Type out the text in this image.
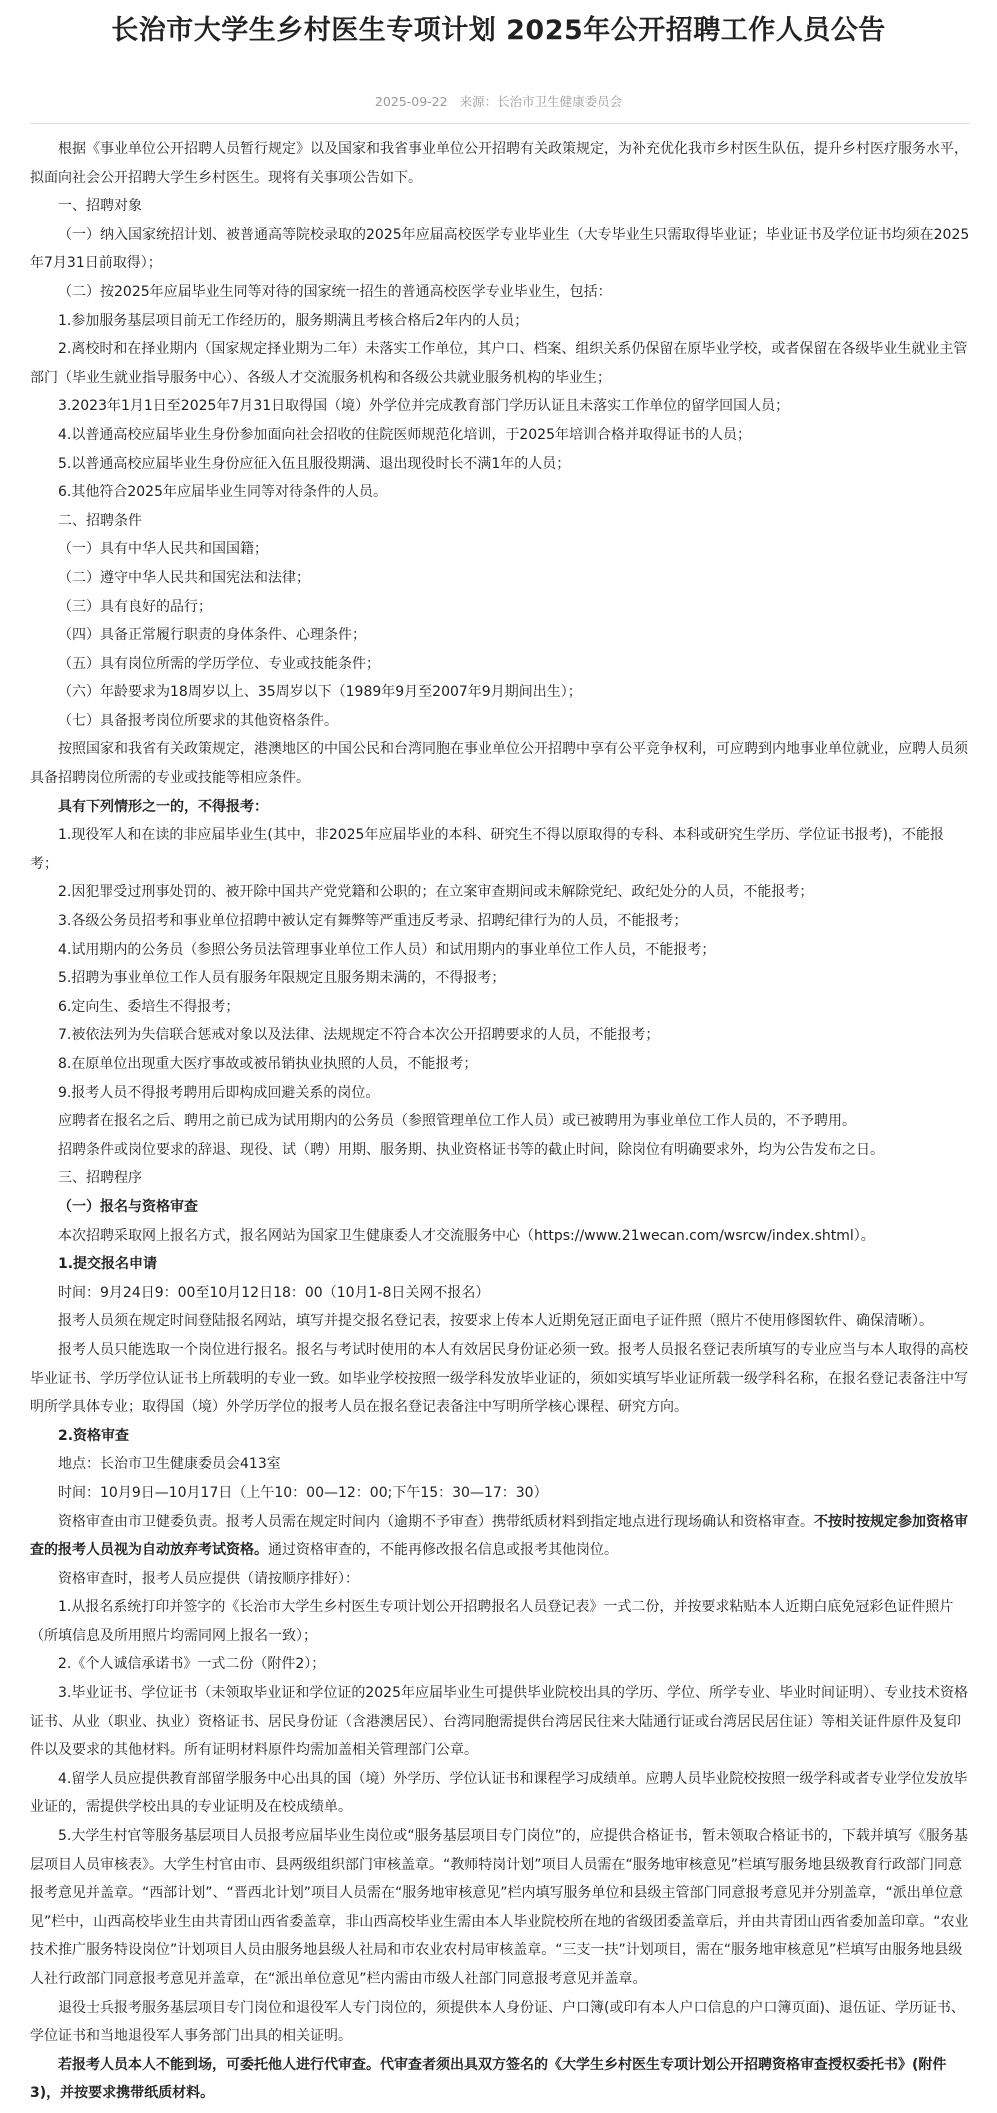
长治市大学生乡村医生专项计划 2025年公开招聘工作人员公告
2025-09-22 来源：长治市卫生健康委员会

根据《事业单位公开招聘人员暂行规定》以及国家和我省事业单位公开招聘有关政策规定，为补充优化我市乡村医生队伍，提升乡村医疗服务水平，拟面向社会公开招聘大学生乡村医生。现将有关事项公告如下。

一、招聘对象

（一）纳入国家统招计划、被普通高等院校录取的2025年应届高校医学专业毕业生（大专毕业生只需取得毕业证；毕业证书及学位证书均须在2025年7月31日前取得）；

（二）按2025年应届毕业生同等对待的国家统一招生的普通高校医学专业毕业生，包括：

1.参加服务基层项目前无工作经历的，服务期满且考核合格后2年内的人员；

2.离校时和在择业期内（国家规定择业期为二年）未落实工作单位，其户口、档案、组织关系仍保留在原毕业学校，或者保留在各级毕业生就业主管部门（毕业生就业指导服务中心）、各级人才交流服务机构和各级公共就业服务机构的毕业生；

3.2023年1月1日至2025年7月31日取得国（境）外学位并完成教育部门学历认证且未落实工作单位的留学回国人员；

4.以普通高校应届毕业生身份参加面向社会招收的住院医师规范化培训，于2025年培训合格并取得证书的人员；

5.以普通高校应届毕业生身份应征入伍且服役期满、退出现役时长不满1年的人员；

6.其他符合2025年应届毕业生同等对待条件的人员。

二、招聘条件

（一）具有中华人民共和国国籍；

（二）遵守中华人民共和国宪法和法律；

（三）具有良好的品行；

（四）具备正常履行职责的身体条件、心理条件；

（五）具有岗位所需的学历学位、专业或技能条件；

（六）年龄要求为18周岁以上、35周岁以下（1989年9月至2007年9月期间出生）；

（七）具备报考岗位所要求的其他资格条件。

按照国家和我省有关政策规定，港澳地区的中国公民和台湾同胞在事业单位公开招聘中享有公平竞争权利，可应聘到内地事业单位就业，应聘人员须具备招聘岗位所需的专业或技能等相应条件。

具有下列情形之一的，不得报考：

1.现役军人和在读的非应届毕业生(其中，非2025年应届毕业的本科、研究生不得以原取得的专科、本科或研究生学历、学位证书报考)，不能报考；

2.因犯罪受过刑事处罚的、被开除中国共产党党籍和公职的；在立案审查期间或未解除党纪、政纪处分的人员，不能报考；

3.各级公务员招考和事业单位招聘中被认定有舞弊等严重违反考录、招聘纪律行为的人员，不能报考；

4.试用期内的公务员（参照公务员法管理事业单位工作人员）和试用期内的事业单位工作人员，不能报考；

5.招聘为事业单位工作人员有服务年限规定且服务期未满的，不得报考；

6.定向生、委培生不得报考；

7.被依法列为失信联合惩戒对象以及法律、法规规定不符合本次公开招聘要求的人员，不能报考；

8.在原单位出现重大医疗事故或被吊销执业执照的人员，不能报考；

9.报考人员不得报考聘用后即构成回避关系的岗位。

应聘者在报名之后、聘用之前已成为试用期内的公务员（参照管理单位工作人员）或已被聘用为事业单位工作人员的，不予聘用。

招聘条件或岗位要求的辞退、现役、试（聘）用期、服务期、执业资格证书等的截止时间，除岗位有明确要求外，均为公告发布之日。

三、招聘程序

（一）报名与资格审查

本次招聘采取网上报名方式，报名网站为国家卫生健康委人才交流服务中心（https://www.21wecan.com/wsrcw/index.shtml）。

1.提交报名申请

时间：9月24日9：00至10月12日18：00（10月1-8日关网不报名）

报考人员须在规定时间登陆报名网站，填写并提交报名登记表，按要求上传本人近期免冠正面电子证件照（照片不使用修图软件、确保清晰）。

报考人员只能选取一个岗位进行报名。报名与考试时使用的本人有效居民身份证必须一致。报考人员报名登记表所填写的专业应当与本人取得的高校毕业证书、学历学位认证书上所载明的专业一致。如毕业学校按照一级学科发放毕业证的，须如实填写毕业证所载一级学科名称，在报名登记表备注中写明所学具体专业；取得国（境）外学历学位的报考人员在报名登记表备注中写明所学核心课程、研究方向。

2.资格审查

地点：长治市卫生健康委员会413室

时间：10月9日—10月17日（上午10：00—12：00;下午15：30—17：30）

资格审查由市卫健委负责。报考人员需在规定时间内（逾期不予审查）携带纸质材料到指定地点进行现场确认和资格审查。不按时按规定参加资格审查的报考人员视为自动放弃考试资格。通过资格审查的，不能再修改报名信息或报考其他岗位。

资格审查时，报考人员应提供（请按顺序排好）：

1.从报名系统打印并签字的《长治市大学生乡村医生专项计划公开招聘报名人员登记表》一式二份，并按要求粘贴本人近期白底免冠彩色证件照片（所填信息及所用照片均需同网上报名一致）；

2.《个人诚信承诺书》一式二份（附件2）；

3.毕业证书、学位证书（未领取毕业证和学位证的2025年应届毕业生可提供毕业院校出具的学历、学位、所学专业、毕业时间证明）、专业技术资格证书、从业（职业、执业）资格证书、居民身份证（含港澳居民）、台湾同胞需提供台湾居民往来大陆通行证或台湾居民居住证）等相关证件原件及复印件以及要求的其他材料。所有证明材料原件均需加盖相关管理部门公章。

4.留学人员应提供教育部留学服务中心出具的国（境）外学历、学位认证书和课程学习成绩单。应聘人员毕业院校按照一级学科或者专业学位发放毕业证的，需提供学校出具的专业证明及在校成绩单。

5.大学生村官等服务基层项目人员报考应届毕业生岗位或“服务基层项目专门岗位”的，应提供合格证书，暂未领取合格证书的，下载并填写《服务基层项目人员审核表》。大学生村官由市、县两级组织部门审核盖章。“教师特岗计划”项目人员需在“服务地审核意见”栏填写服务地县级教育行政部门同意报考意见并盖章。“西部计划”、“晋西北计划”项目人员需在“服务地审核意见”栏内填写服务单位和县级主管部门同意报考意见并分别盖章，“派出单位意见”栏中，山西高校毕业生由共青团山西省委盖章，非山西高校毕业生需由本人毕业院校所在地的省级团委盖章后，并由共青团山西省委加盖印章。“农业技术推广服务特设岗位”计划项目人员由服务地县级人社局和市农业农村局审核盖章。“三支一扶”计划项目，需在“服务地审核意见”栏填写由服务地县级人社行政部门同意报考意见并盖章，在“派出单位意见”栏内需由市级人社部门同意报考意见并盖章。

退役士兵报考服务基层项目专门岗位和退役军人专门岗位的，须提供本人身份证、户口簿(或印有本人户口信息的户口簿页面)、退伍证、学历证书、学位证书和当地退役军人事务部门出具的相关证明。

若报考人员本人不能到场，可委托他人进行代审查。代审查者须出具双方签名的《大学生乡村医生专项计划公开招聘资格审查授权委托书》(附件3)，并按要求携带纸质材料。
